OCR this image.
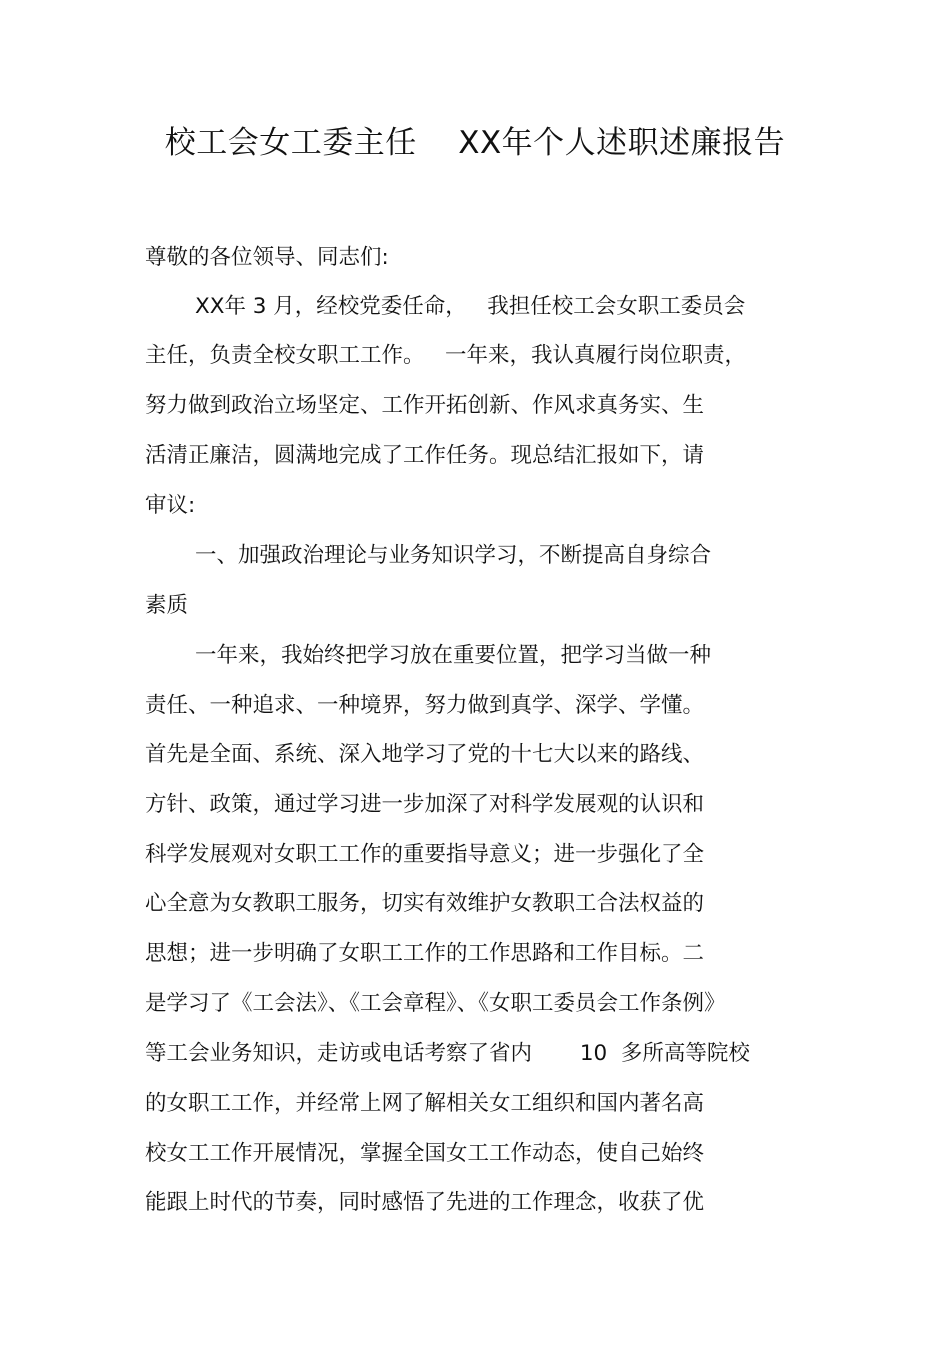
校工会女工委主任    XX年个人述职述廉报告
尊敬的各位领导、同志们:
XX年 3 月，经校党委任命，   我担任校工会女职工委员会
主任，负责全校女职工工作。   一年来，我认真履行岗位职责，
努力做到政治立场坚定、工作开拓创新、作风求真务实、生
活清正廉洁，圆满地完成了工作任务。现总结汇报如下，请
审议:
一、加强政治理论与业务知识学习，不断提高自身综合
素质
一年来，我始终把学习放在重要位置，把学习当做一种
责任、一种追求、一种境界，努力做到真学、深学、学懂。
首先是全面、系统、深入地学习了党的十七大以来的路线、
方针、政策，通过学习进一步加深了对科学发展观的认识和
科学发展观对女职工工作的重要指导意义；进一步强化了全
心全意为女教职工服务，切实有效维护女教职工合法权益的
思想；进一步明确了女职工工作的工作思路和工作目标。二
是学习了《工会法》、《工会章程》、《女职工委员会工作条例》
等工会业务知识，走访或电话考察了省内       10  多所高等院校
的女职工工作，并经常上网了解相关女工组织和国内著名高
校女工工作开展情况，掌握全国女工工作动态，使自己始终
能跟上时代的节奏，同时感悟了先进的工作理念，收获了优
